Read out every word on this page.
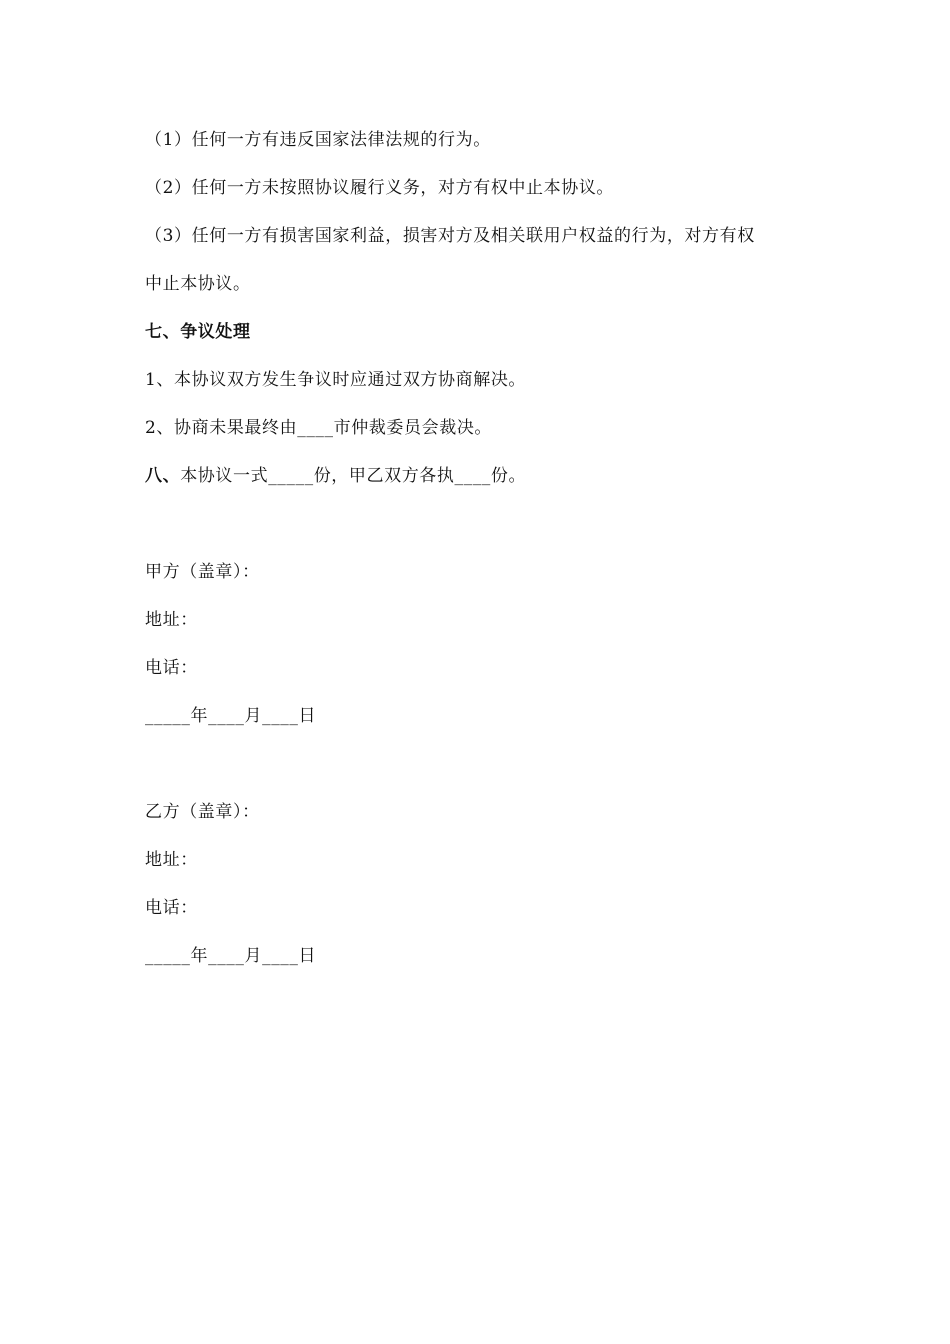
（1）任何一方有违反国家法律法规的行为。
（2）任何一方未按照协议履行义务，对方有权中止本协议。
（3）任何一方有损害国家利益，损害对方及相关联用户权益的行为，对方有权
中止本协议。
七、争议处理
1、本协议双方发生争议时应通过双方协商解决。
2、协商未果最终由____市仲裁委员会裁决。
八、本协议一式_____份，甲乙双方各执____份。
甲方（盖章）：
地址：
电话：
_____年____月____日
乙方（盖章）：
地址：
电话：
_____年____月____日
